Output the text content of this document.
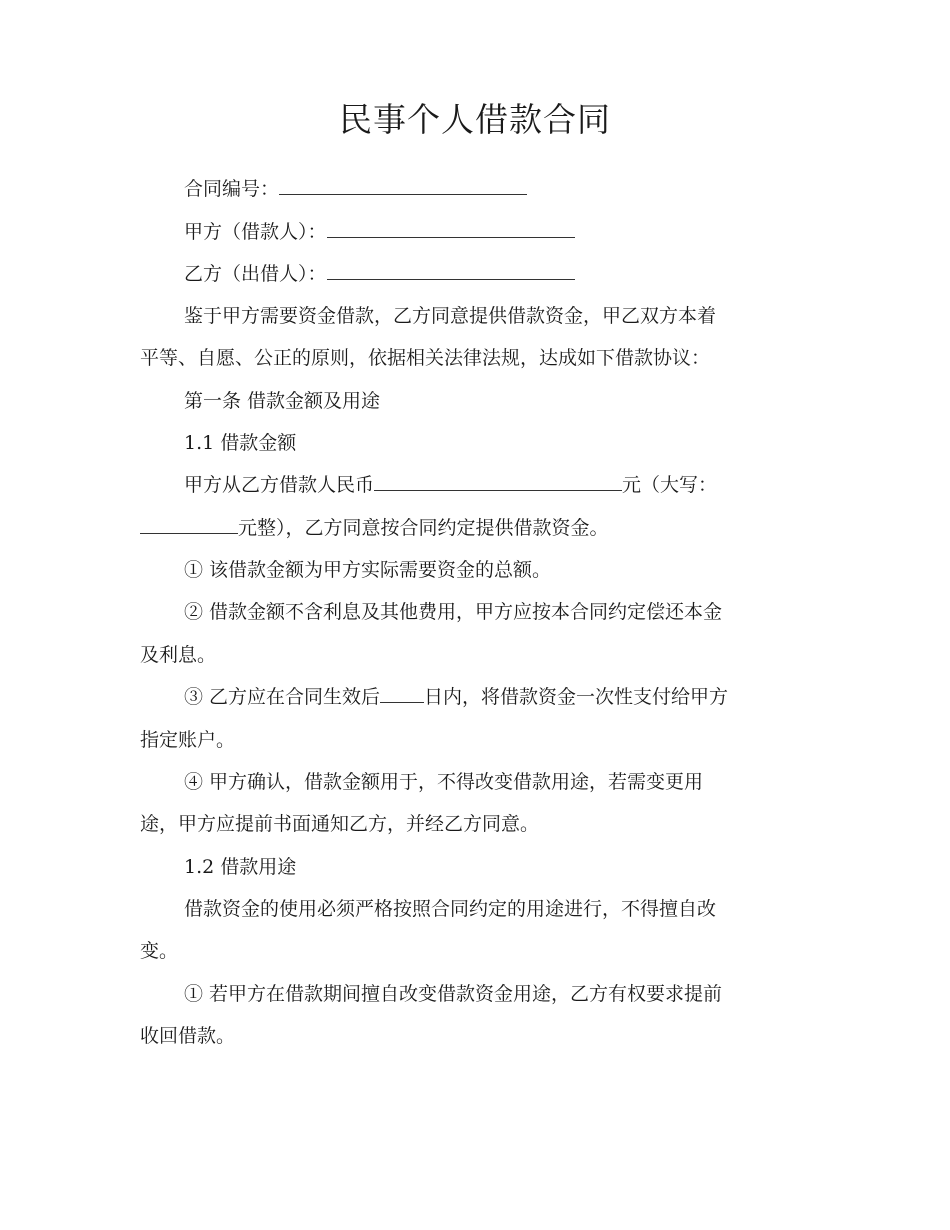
民事个人借款合同
合同编号：
甲方（借款人）：
乙方（出借人）：
鉴于甲方需要资金借款，乙方同意提供借款资金，甲乙双方本着
平等、自愿、公正的原则，依据相关法律法规，达成如下借款协议：
第一条 借款金额及用途
1.1 借款金额
甲方从乙方借款人民币	元（大写：
元整），乙方同意按合同约定提供借款资金。
① 该借款金额为甲方实际需要资金的总额。
② 借款金额不含利息及其他费用，甲方应按本合同约定偿还本金
及利息。
③ 乙方应在合同生效后 日内，将借款资金一次性支付给甲方
指定账户。
④ 甲方确认，借款金额用于，不得改变借款用途，若需变更用
途，甲方应提前书面通知乙方，并经乙方同意。
1.2 借款用途
借款资金的使用必须严格按照合同约定的用途进行，不得擅自改
变。
① 若甲方在借款期间擅自改变借款资金用途，乙方有权要求提前
收回借款。
